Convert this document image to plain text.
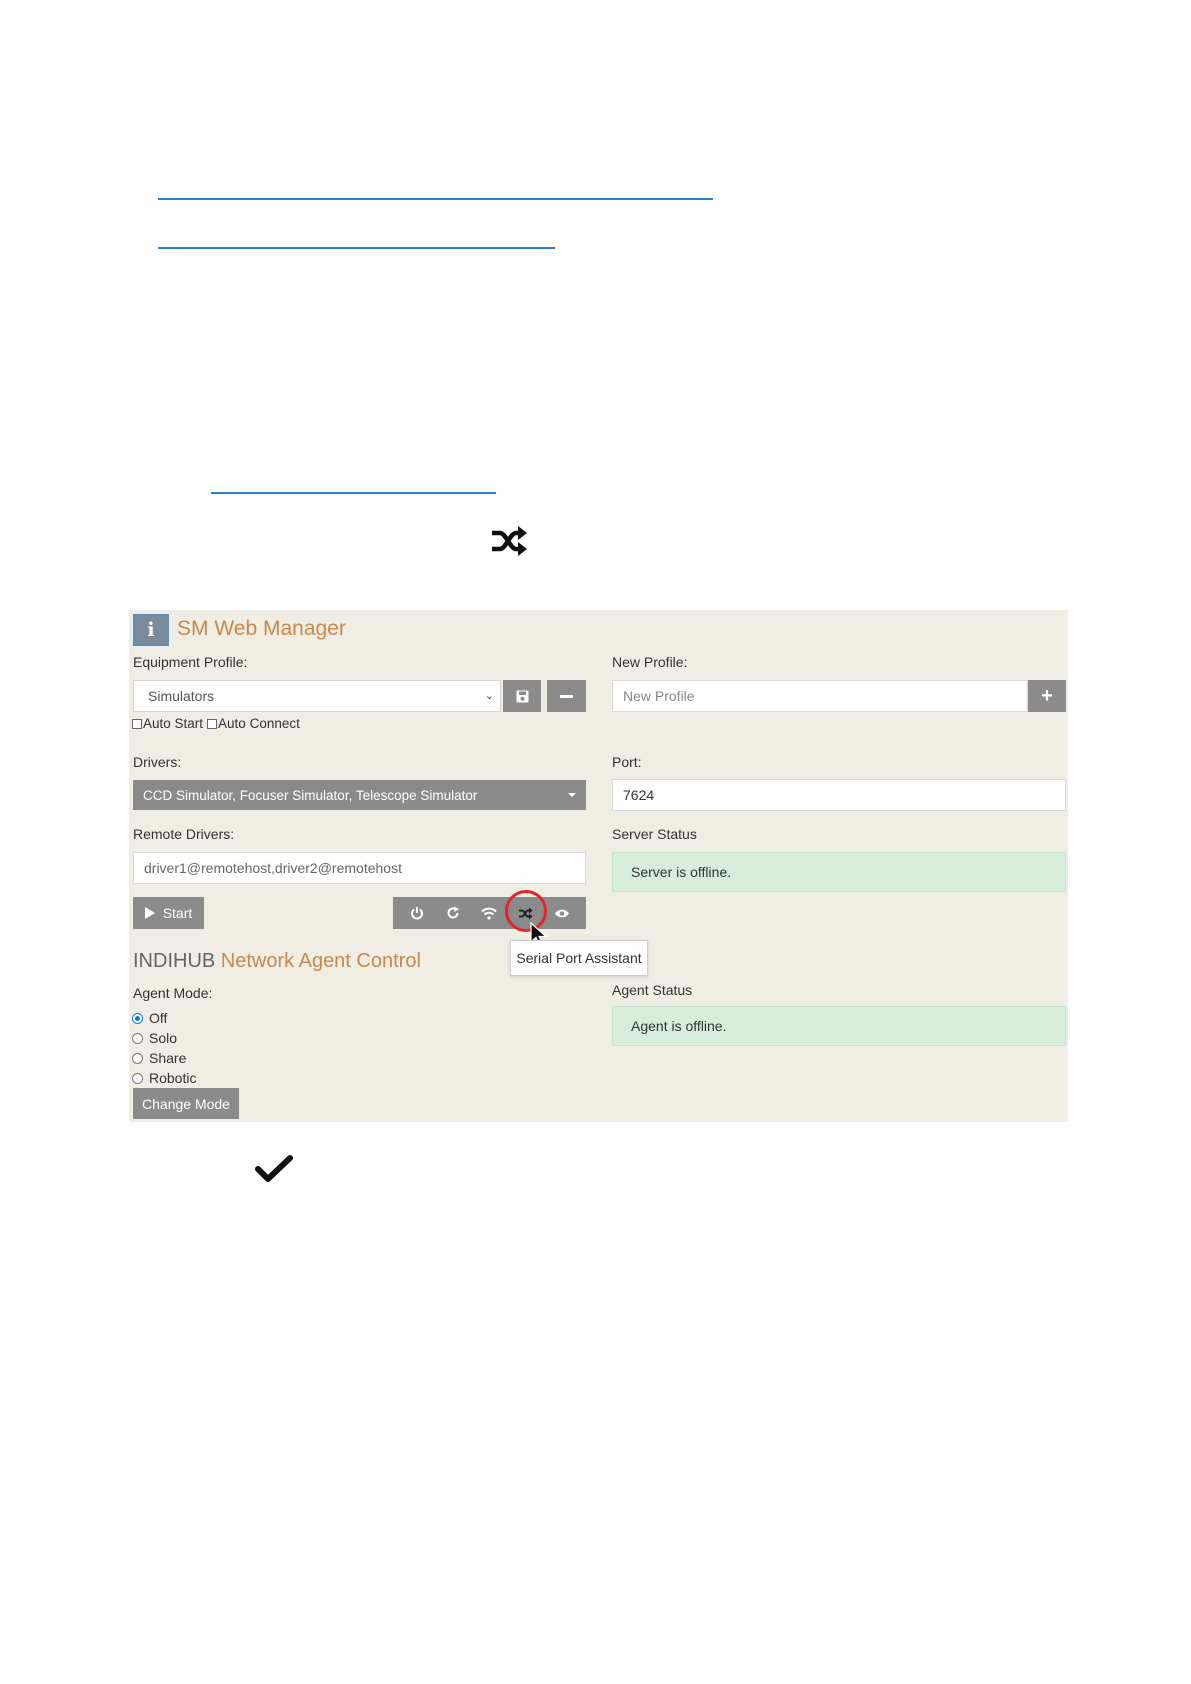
i	SM Web Manager
Equipment Profile:
Simulators	⌄
New Profile:
New Profile	+
Auto Start Auto Connect
Drivers:
CCD Simulator, Focuser Simulator, Telescope Simulator
Port:
7624
Remote Drivers:
driver1@remotehost,driver2@remotehost
Server Status
Server is offline.
Start
Serial Port Assistant
INDIHUB Network Agent Control
Agent Mode:
Off
Solo
Share
Robotic
Change Mode
Agent Status
Agent is offline.
